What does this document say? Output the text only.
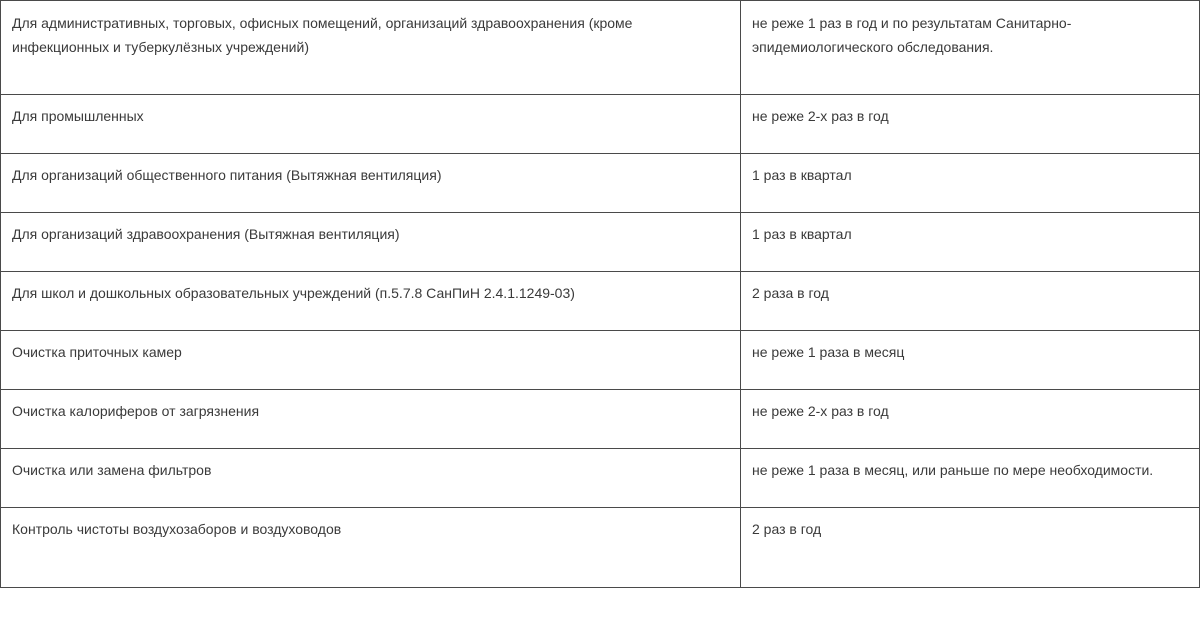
Для административных, торговых, офисных помещений, организаций здравоохранения (кроме инфекционных и туберкулёзных учреждений)	не реже 1 раз в год и по результатам Санитарно-эпидемиологического обследования.
Для промышленных	не реже 2-х раз в год
Для организаций общественного питания (Вытяжная вентиляция)	1 раз в квартал
Для организаций здравоохранения (Вытяжная вентиляция)	1 раз в квартал
Для школ и дошкольных образовательных учреждений (п.5.7.8 СанПиН 2.4.1.1249-03)	2 раза в год
Очистка приточных камер	не реже 1 раза в месяц
Очистка калориферов от загрязнения	не реже 2-х раз в год
Очистка или замена фильтров	не реже 1 раза в месяц, или раньше по мере необходимости.
Контроль чистоты воздухозаборов и воздуховодов	2 раз в год
